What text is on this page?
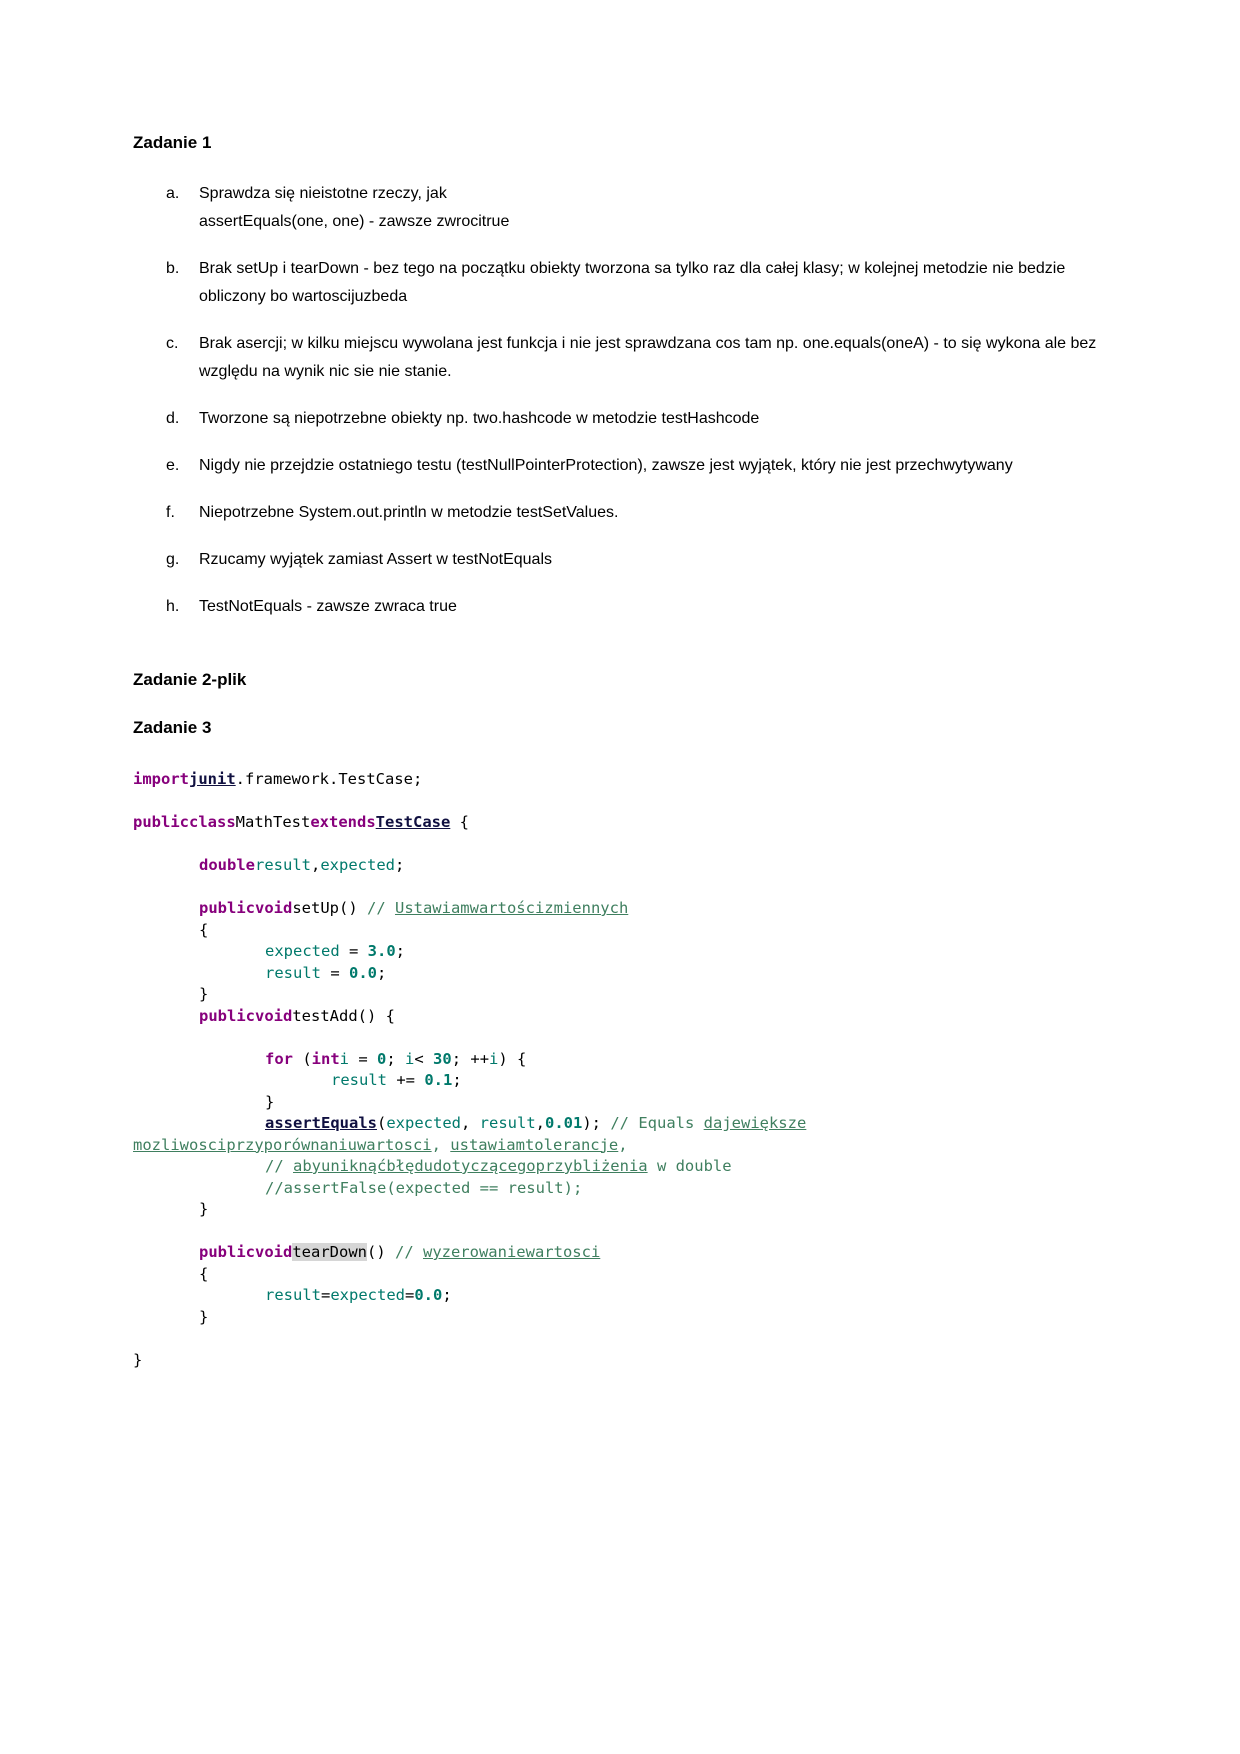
Zadanie 1
a.	Sprawdza się nieistotne rzeczy, jak
assertEquals(one, one) - zawsze zwrocitrue
b.	Brak setUp i tearDown - bez tego na początku obiekty tworzona sa tylko raz dla całej klasy; w kolejnej metodzie nie bedzie obliczony bo wartoscijuzbeda
c.	Brak asercji; w kilku miejscu wywolana jest funkcja i nie jest sprawdzana cos tam np. one.equals(oneA) - to się wykona ale bez względu na wynik nic sie nie stanie.
d.	Tworzone są niepotrzebne obiekty np. two.hashcode w metodzie testHashcode
e.	Nigdy nie przejdzie ostatniego testu (testNullPointerProtection), zawsze jest wyjątek, który nie jest przechwytywany
f.	Niepotrzebne System.out.println w metodzie testSetValues.
g.	Rzucamy wyjątek zamiast Assert w testNotEquals
h.	TestNotEquals - zawsze zwraca true
Zadanie 2-plik
Zadanie 3
importjunit.framework.TestCase;

publicclassMathTestextendsTestCase {

doubleresult,expected;

publicvoidsetUp() // Ustawiamwartościzmiennych
{
expected = 3.0;
result = 0.0;
}
publicvoidtestAdd() {

for (inti = 0; i< 30; ++i) {
result += 0.1;
}
assertEquals(expected, result,0.01); // Equals dajewiększe
mozliwosciprzyporównaniuwartosci, ustawiamtolerancje,
// abyuniknąćbłędudotyczącegoprzybliżenia w double
//assertFalse(expected == result);
}

publicvoidtearDown() // wyzerowaniewartosci
{
result=expected=0.0;
}

}
